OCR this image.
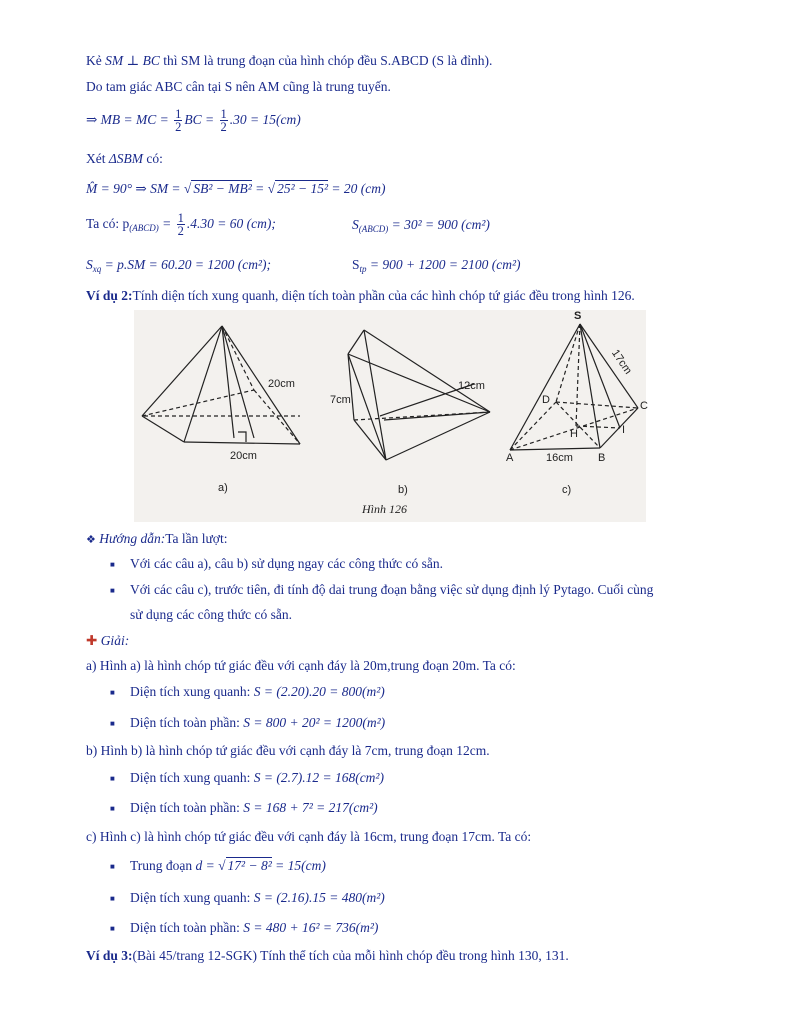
Kẻ SM ⊥ BC thì SM là trung đoạn của hình chóp đều S.ABCD (S là đỉnh).
Do tam giác ABC cân tại S nên AM cũng là trung tuyến.
⇒ MB = MC = $\frac{1}{2}$ BC = $\frac{1}{2} .30 = 15(cm)$
Xét ΔSBM có:
M̂ = 90° ⇒ SM = √ SB² − MB² = √ 25² − 15² = 20 (cm)
Ta có: $p_{(ABCD)} = \frac{1}{2} .4.30 = 60$ (cm);	$S_{(ABCD)} = 30^2 = 900$ (cm²)
$S_{xq} = p.SM = 60.20 = 1200$ (cm²);	$S_{tp} = 900 + 1200 = 2100$ (cm²)
Ví dụ 2:Tính diện tích xung quanh, diện tích toàn phần của các hình chóp tứ giác đều trong hình 126.
20cm
20cm
a)
7cm
12cm
b)
S
17cm
D	C
H	I
A	16cm B
c)
Hình 126
❖ Hướng dẫn:Ta lần lượt:
■ Với các câu a), câu b) sử dụng ngay các công thức có sẵn.
■ Với các câu c), trước tiên, đi tính độ dai trung đoạn bằng việc sử dụng định lý Pytago. Cuối cùng
sử dụng các công thức có sẵn.
✚ Giải:
a) Hình a) là hình chóp tứ giác đều với cạnh đáy là 20m,trung đoạn 20m. Ta có:
■ Diện tích xung quanh: S = (2.20).20 = 800(m²)
■ Diện tích toàn phần: S = 800 + 20² = 1200(m²)
b) Hình b) là hình chóp tứ giác đều với cạnh đáy là 7cm, trung đoạn 12cm.
■ Diện tích xung quanh: S = (2.7).12 = 168(cm²)
■ Diện tích toàn phần: S = 168 + 7² = 217(cm²)
c) Hình c) là hình chóp tứ giác đều với cạnh đáy là 16cm, trung đoạn 17cm. Ta có:
■ Trung đoạn d = √ 17² − 8² = 15(cm)
■ Diện tích xung quanh: S = (2.16).15 = 480(m²)
■ Diện tích toàn phần: S = 480 + 16² = 736(m²)
Ví dụ 3:(Bài 45/trang 12-SGK) Tính thể tích của mỗi hình chóp đều trong hình 130, 131.
